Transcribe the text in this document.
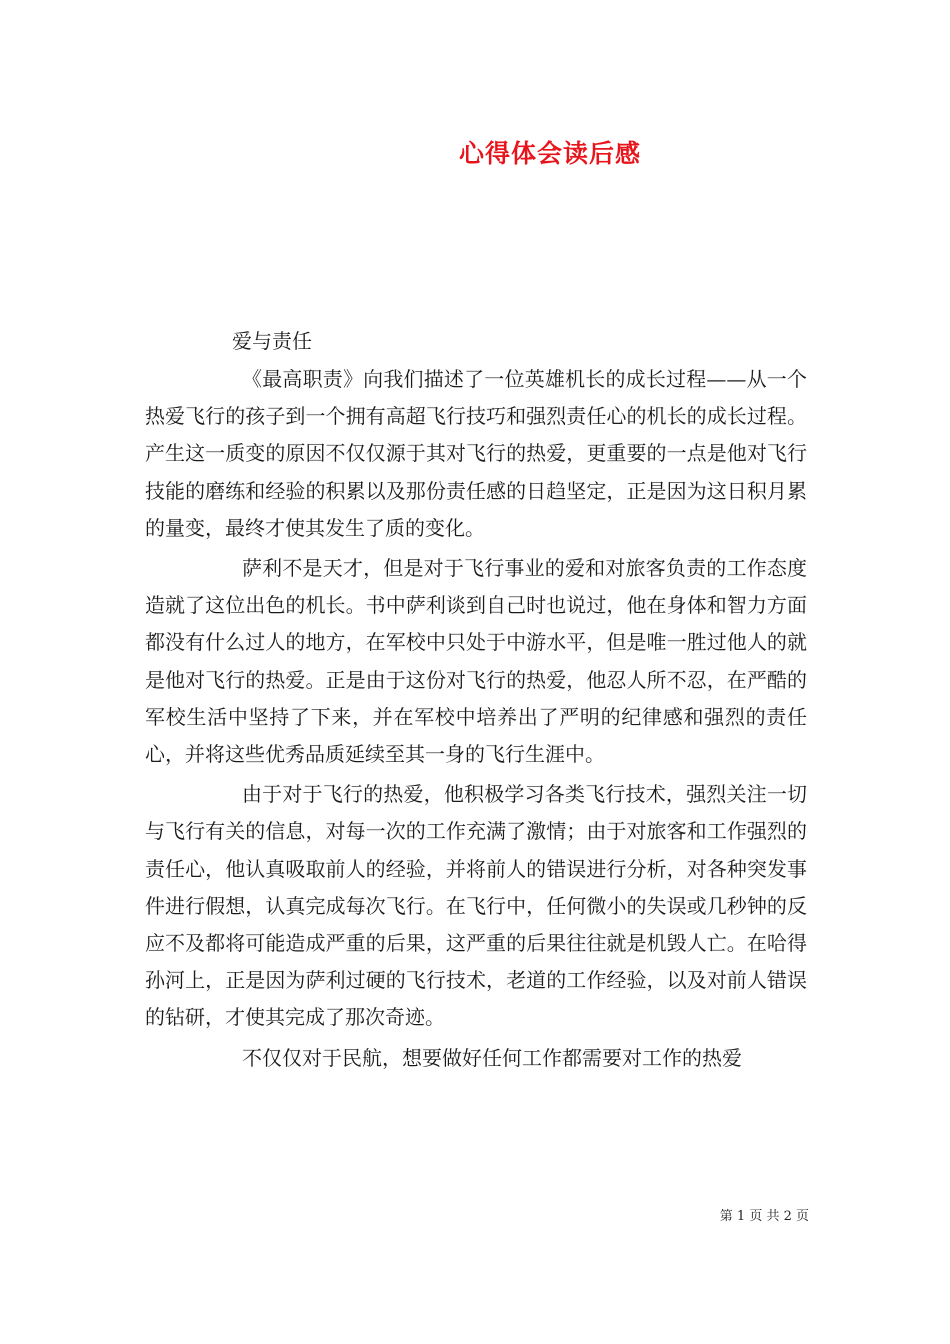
心得体会读后感

爱与责任

《最高职责》向我们描述了一位英雄机长的成长过程——从一个热爱飞行的孩子到一个拥有高超飞行技巧和强烈责任心的机长的成长过程。产生这一质变的原因不仅仅源于其对飞行的热爱，更重要的一点是他对飞行技能的磨练和经验的积累以及那份责任感的日趋坚定，正是因为这日积月累的量变，最终才使其发生了质的变化。

萨利不是天才，但是对于飞行事业的爱和对旅客负责的工作态度造就了这位出色的机长。书中萨利谈到自己时也说过，他在身体和智力方面都没有什么过人的地方，在军校中只处于中游水平，但是唯一胜过他人的就是他对飞行的热爱。正是由于这份对飞行的热爱，他忍人所不忍，在严酷的军校生活中坚持了下来，并在军校中培养出了严明的纪律感和强烈的责任心，并将这些优秀品质延续至其一身的飞行生涯中。

由于对于飞行的热爱，他积极学习各类飞行技术，强烈关注一切与飞行有关的信息，对每一次的工作充满了激情；由于对旅客和工作强烈的责任心，他认真吸取前人的经验，并将前人的错误进行分析，对各种突发事件进行假想，认真完成每次飞行。在飞行中，任何微小的失误或几秒钟的反应不及都将可能造成严重的后果，这严重的后果往往就是机毁人亡。在哈得孙河上，正是因为萨利过硬的飞行技术，老道的工作经验，以及对前人错误的钻研，才使其完成了那次奇迹。

不仅仅对于民航，想要做好任何工作都需要对工作的热爱

第 1 页 共 2 页
